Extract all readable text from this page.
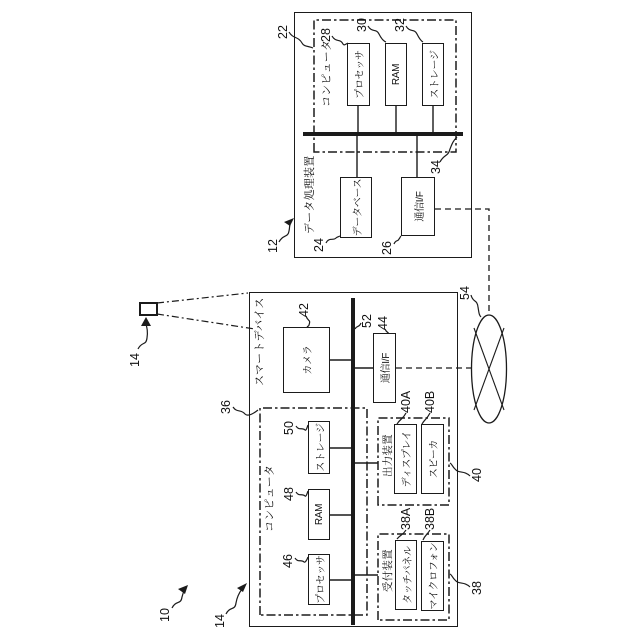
プロセッサ RAM	ストレージ
データベース	通信I/F
カメラ	通信I/F
ストレージ
RAM
プロセッサ
ディスプレイ	スピーカ
タッチパネル	マイクロフォン
データ処理装置
コンピュータ
スマートデバイス
コンピュータ
出力装置
受付装置
10
12
22 28
30 32
34
24	26
14
14
36
42
52 44
50
48
46
40A 40B
40
38A 38B
38
54
